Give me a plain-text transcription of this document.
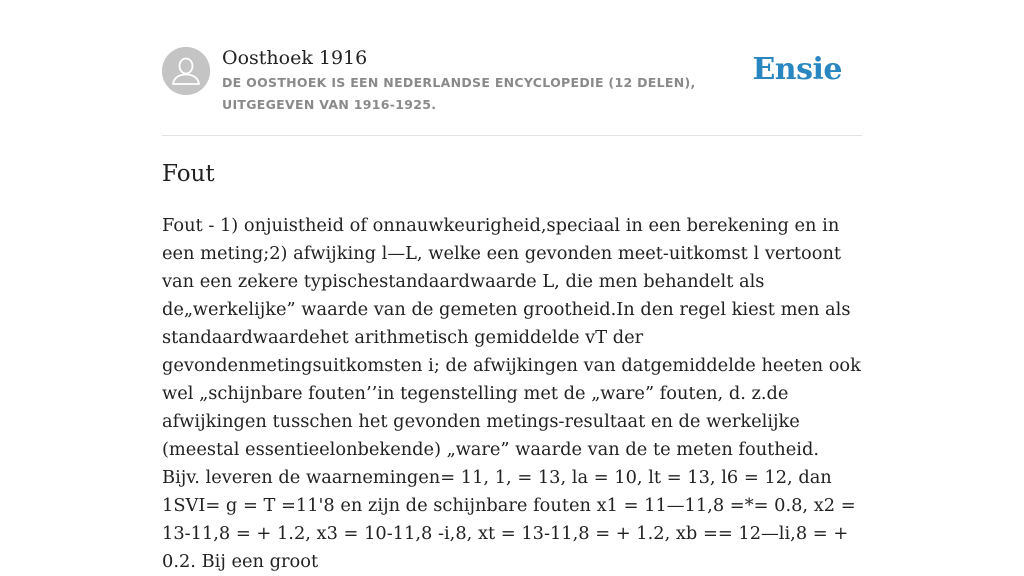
Oosthoek 1916
DE OOSTHOEK IS EEN NEDERLANDSE ENCYCLOPEDIE (12 DELEN), UITGEGEVEN VAN 1916-1925.
Ensie
Fout

Fout - 1) onjuistheid of onnauwkeurigheid,speciaal in een berekening en in een meting;2) afwijking l—L, welke een gevonden meet-uitkomst l vertoont van een zekere typischestandaardwaarde L, die men behandelt als de„werkelijke” waarde van de gemeten grootheid.In den regel kiest men als standaardwaardehet arithmetisch gemiddelde vT der gevondenmetingsuitkomsten i; de afwijkingen van datgemiddelde heeten ook wel „schijnbare fouten’’in tegenstelling met de „ware” fouten, d. z.de afwijkingen tusschen het gevonden metings-resultaat en de werkelijke (meestal essentieelonbekende) „ware” waarde van de te meten foutheid. Bijv. leveren de waarnemingen= 11, 1, = 13, la = 10, lt = 13, l6 = 12, dan 1SVI= g = T =11'8 en zijn de schijnbare fouten x1 = 11—11,8 =*= 0.8, x2 = 13-11,8 = + 1.2, x3 = 10-11,8 -i,8, xt = 13-11,8 = + 1.2, xb == 12—li,8 = + 0.2. Bij een groot
